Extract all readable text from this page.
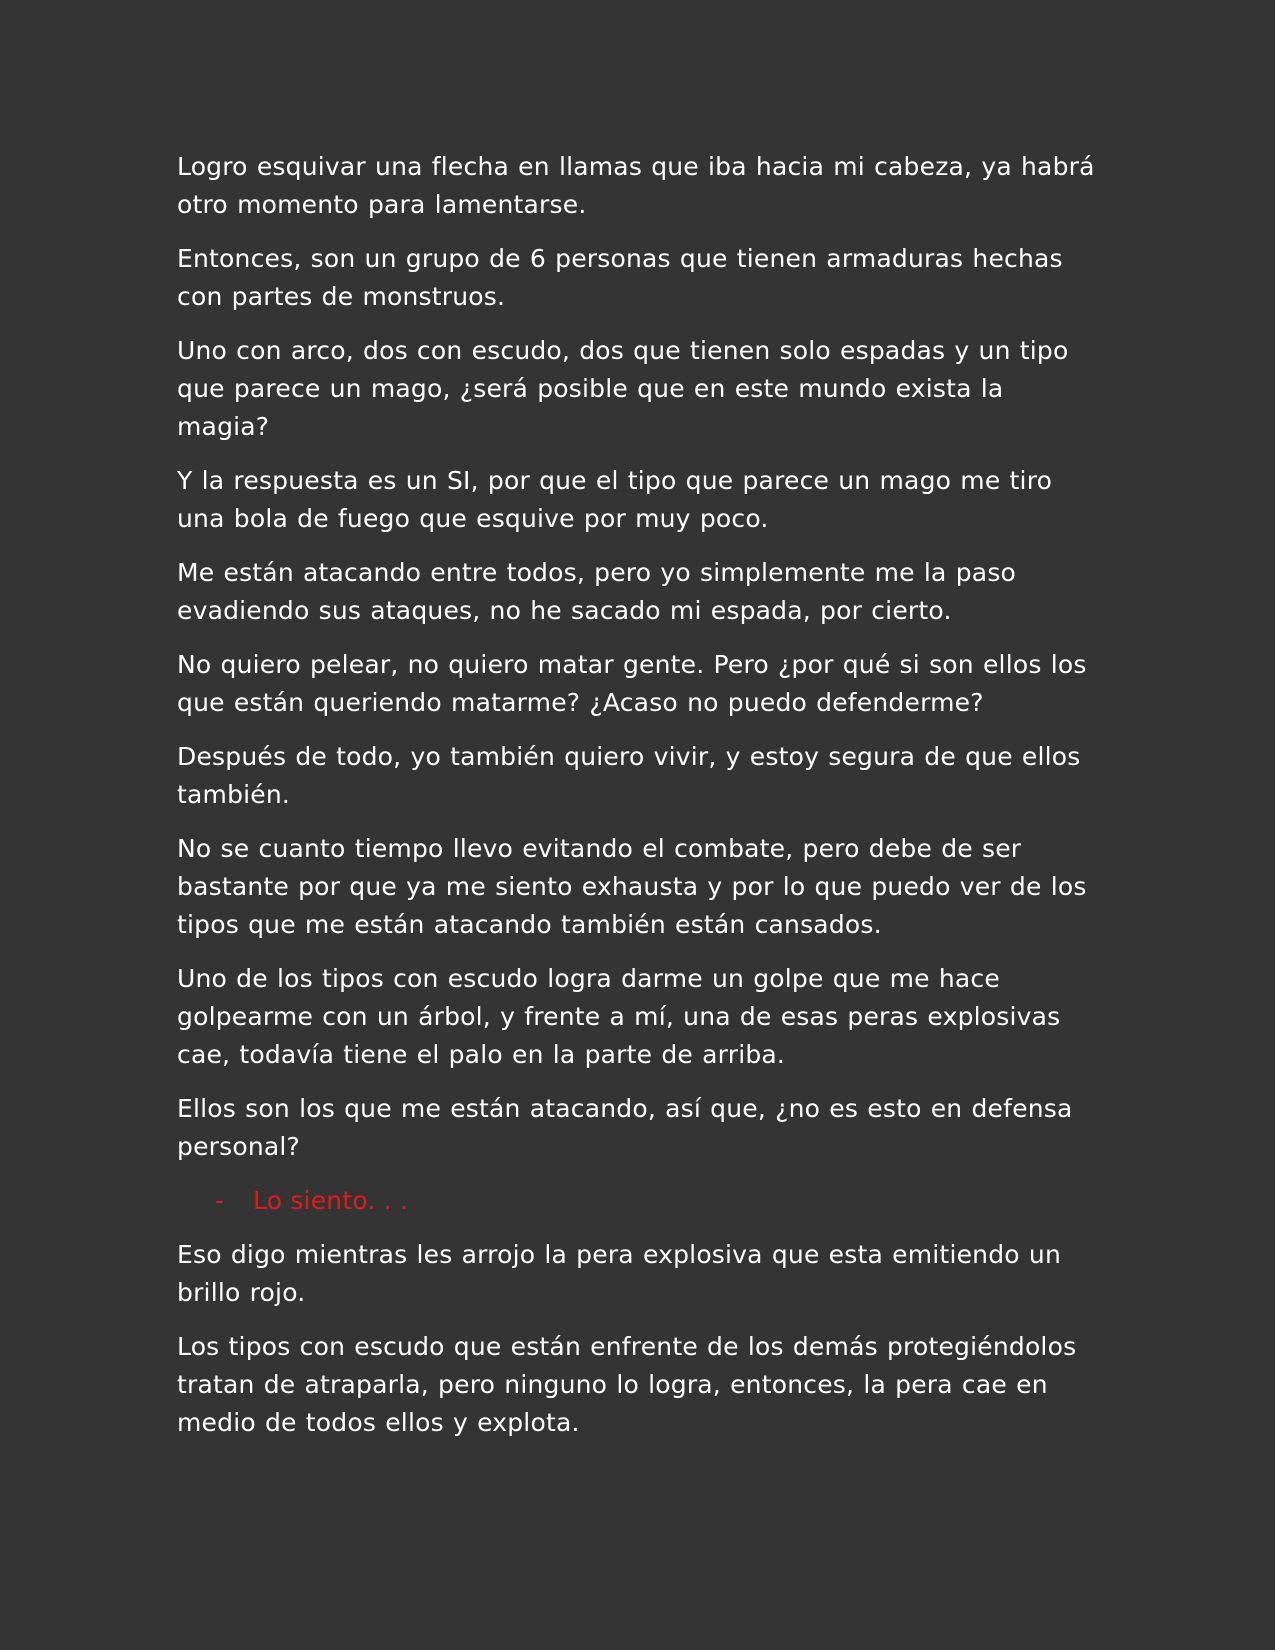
Logro esquivar una flecha en llamas que iba hacia mi cabeza, ya habrá otro momento para lamentarse.

Entonces, son un grupo de 6 personas que tienen armaduras hechas con partes de monstruos.

Uno con arco, dos con escudo, dos que tienen solo espadas y un tipo que parece un mago, ¿será posible que en este mundo exista la magia?

Y la respuesta es un SI, por que el tipo que parece un mago me tiro una bola de fuego que esquive por muy poco.

Me están atacando entre todos, pero yo simplemente me la paso evadiendo sus ataques, no he sacado mi espada, por cierto.

No quiero pelear, no quiero matar gente. Pero ¿por qué si son ellos los que están queriendo matarme? ¿Acaso no puedo defenderme?

Después de todo, yo también quiero vivir, y estoy segura de que ellos también.

No se cuanto tiempo llevo evitando el combate, pero debe de ser bastante por que ya me siento exhausta y por lo que puedo ver de los tipos que me están atacando también están cansados.

Uno de los tipos con escudo logra darme un golpe que me hace golpearme con un árbol, y frente a mí, una de esas peras explosivas cae, todavía tiene el palo en la parte de arriba.

Ellos son los que me están atacando, así que, ¿no es esto en defensa personal?

- Lo siento. . .

Eso digo mientras les arrojo la pera explosiva que esta emitiendo un brillo rojo.

Los tipos con escudo que están enfrente de los demás protegiéndolos tratan de atraparla, pero ninguno lo logra, entonces, la pera cae en medio de todos ellos y explota.
